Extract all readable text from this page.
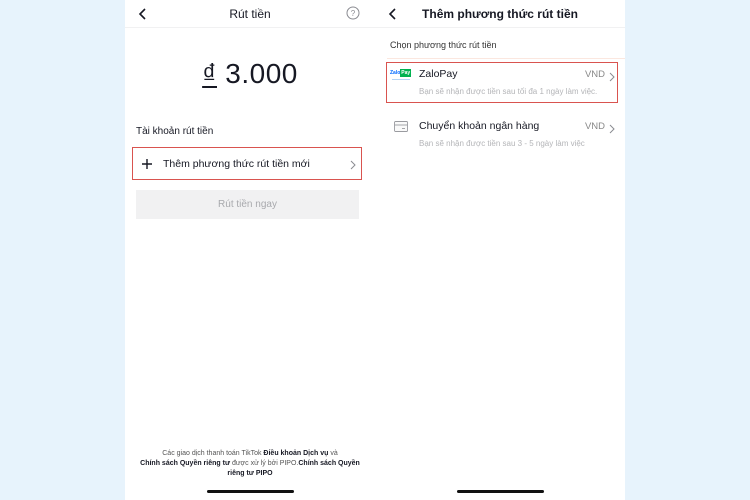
Rút tiền	?
₫ 3.000
Tài khoản rút tiền
Thêm phương thức rút tiền mới
Rút tiền ngay
Các giao dịch thanh toán TikTok Điều khoản Dịch vụ và
Chính sách Quyền riêng tư được xử lý bởi PIPO.Chính sách Quyền riêng tư PIPO
Thêm phương thức rút tiền
Chọn phương thức rút tiền
Zalo Pay ZaloPay	VND
Bạn sẽ nhận được tiền sau tối đa 1 ngày làm việc.
Chuyển khoản ngân hàng	VND
Bạn sẽ nhận được tiền sau 3 - 5 ngày làm việc
